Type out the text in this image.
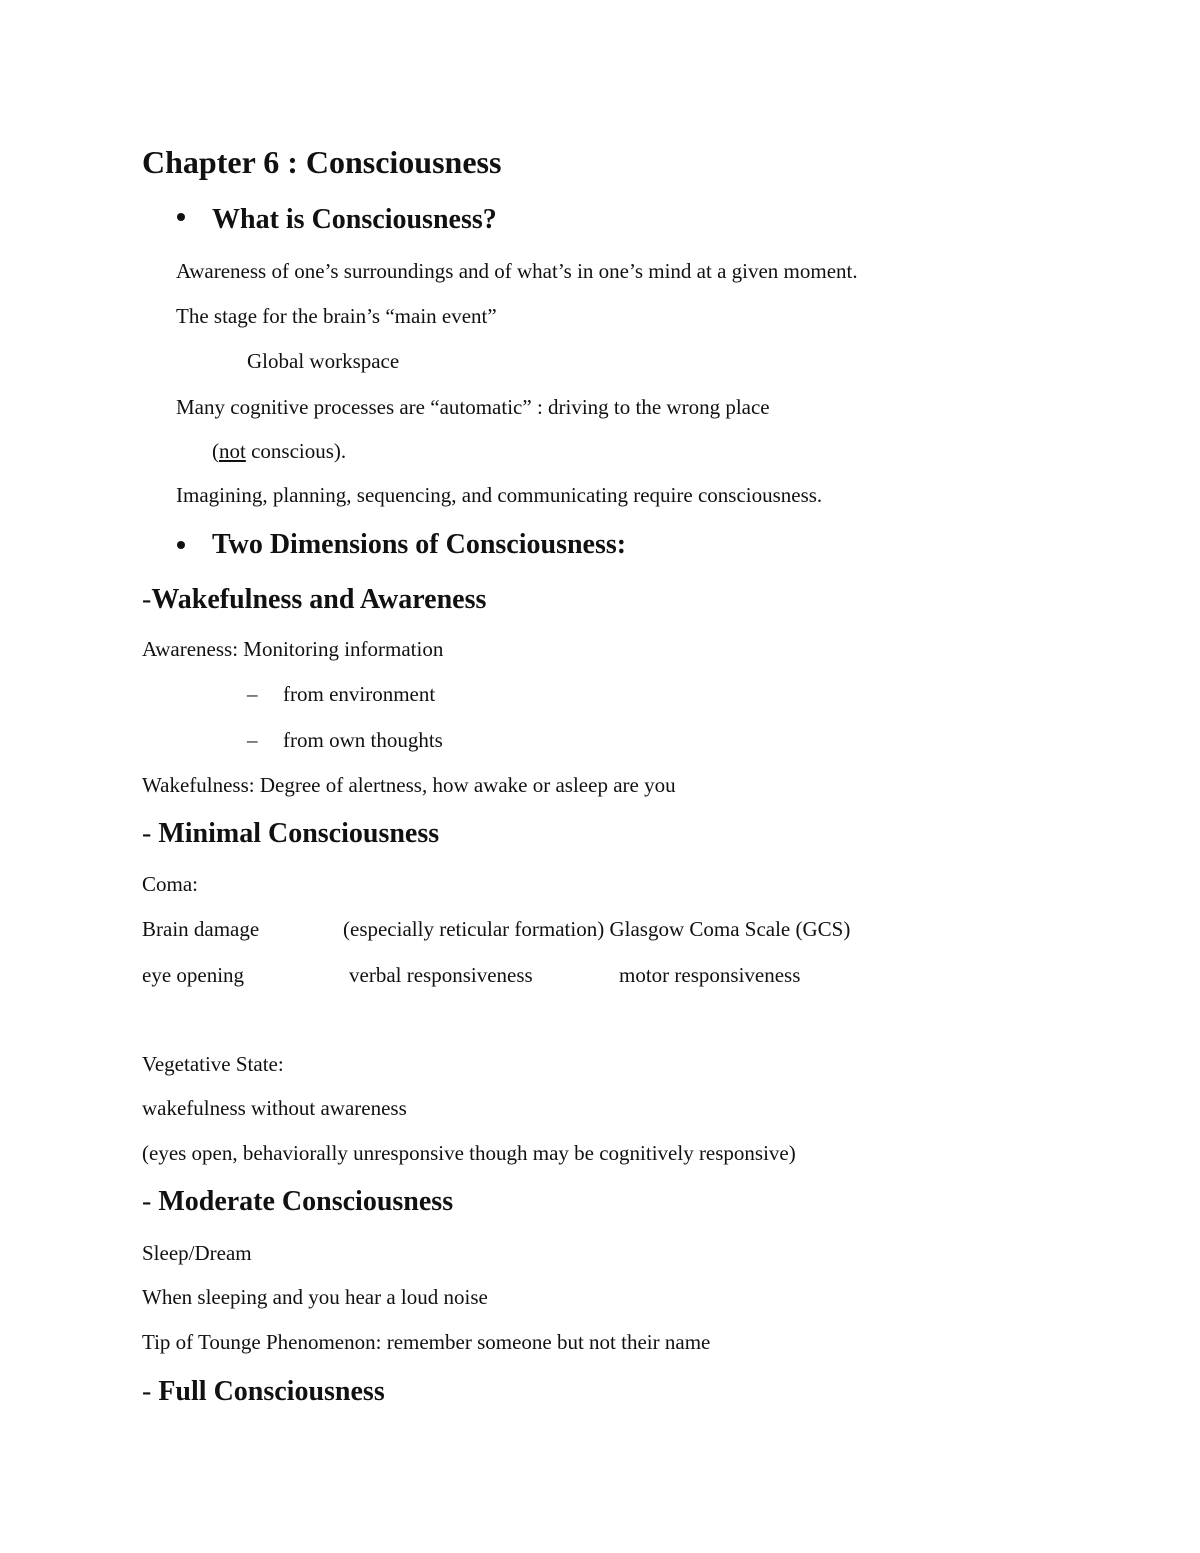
Chapter 6 : Consciousness
What is Consciousness?
Awareness of one’s surroundings and of what’s in one’s mind at a given moment.
The stage for the brain’s “main event”
Global workspace
Many cognitive processes are “automatic” : driving to the wrong place
(not conscious).
Imagining, planning, sequencing, and communicating require consciousness.
Two Dimensions of Consciousness:
-Wakefulness and Awareness
Awareness: Monitoring information
– from environment
– from own thoughts
Wakefulness: Degree of alertness, how awake or asleep are you
- Minimal Consciousness
Coma:
Brain damage	(especially reticular formation) Glasgow Coma Scale (GCS)
eye opening	verbal responsiveness	motor responsiveness
Vegetative State:
wakefulness without awareness
(eyes open, behaviorally unresponsive though may be cognitively responsive)
- Moderate Consciousness
Sleep/Dream
When sleeping and you hear a loud noise
Tip of Tounge Phenomenon: remember someone but not their name
- Full Consciousness
